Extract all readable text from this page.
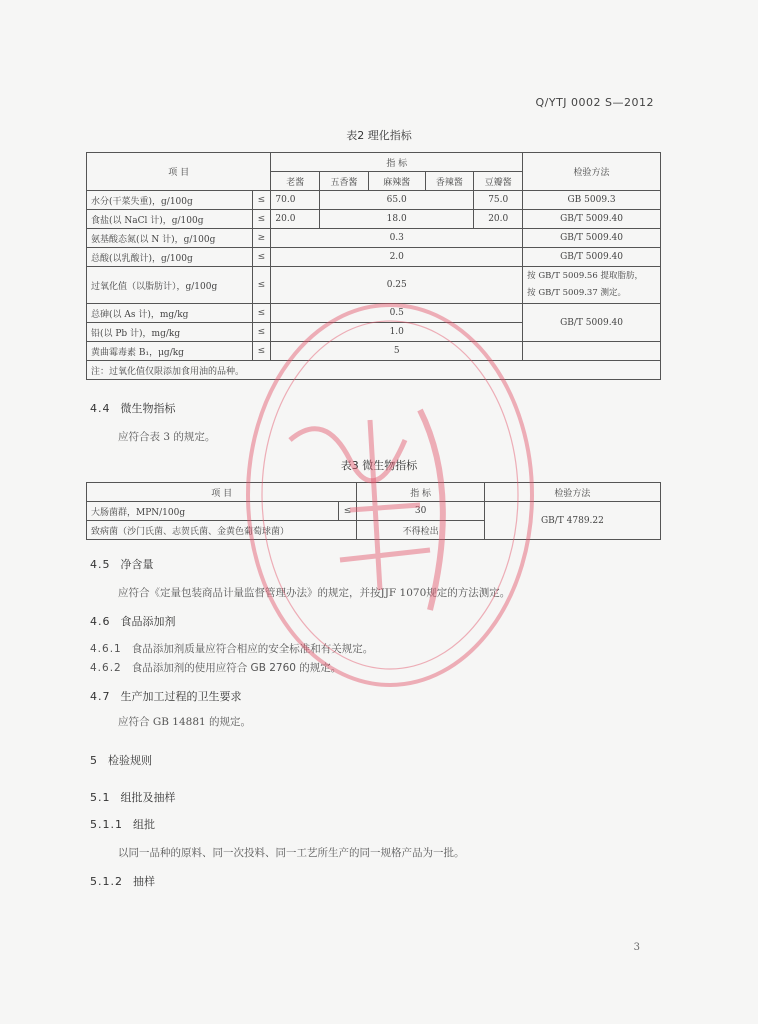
Q/YTJ 0002 S—2012
表2 理化指标
项 目		指 标					检验方法
		老酱	五香酱	麻辣酱	香辣酱	豆瓣酱	
水分(干菜失重)，g/100g	≤	70.0	65.0			75.0	GB 5009.3
食盐(以 NaCl 计)，g/100g	≤	20.0	18.0			20.0	GB/T 5009.40
氨基酸态氮(以 N 计)，g/100g	≥	0.3					GB/T 5009.40
总酸(以乳酸计)，g/100g	≤	2.0					GB/T 5009.40
过氧化值（以脂肪计），g/100g	≤	0.25					按 GB/T 5009.56 提取脂肪，
按 GB/T 5009.37 测定。

总砷(以 As 计)，mg/kg	≤	0.5					GB/T 5009.40
铅(以 Pb 计)，mg/kg	≤	1.0					
黄曲霉毒素 B₁，μg/kg	≤	5					
注：过氧化值仅限添加食用油的品种。							
4.4 微生物指标
应符合表 3 的规定。
表3 微生物指标
项 目		指 标	检验方法
大肠菌群，MPN/100g	≤	30	GB/T 4789.22
致病菌（沙门氏菌、志贺氏菌、金黄色葡萄球菌）		不得检出	
4.5 净含量
应符合《定量包装商品计量监督管理办法》的规定，并按JJF 1070规定的方法测定。
4.6 食品添加剂
4.6.1 食品添加剂质量应符合相应的安全标准和有关规定。
4.6.2 食品添加剂的使用应符合 GB 2760 的规定。
4.7 生产加工过程的卫生要求
应符合 GB 14881 的规定。
5 检验规则
5.1 组批及抽样
5.1.1 组批
以同一品种的原料、同一次投料、同一工艺所生产的同一规格产品为一批。
5.1.2 抽样
3
